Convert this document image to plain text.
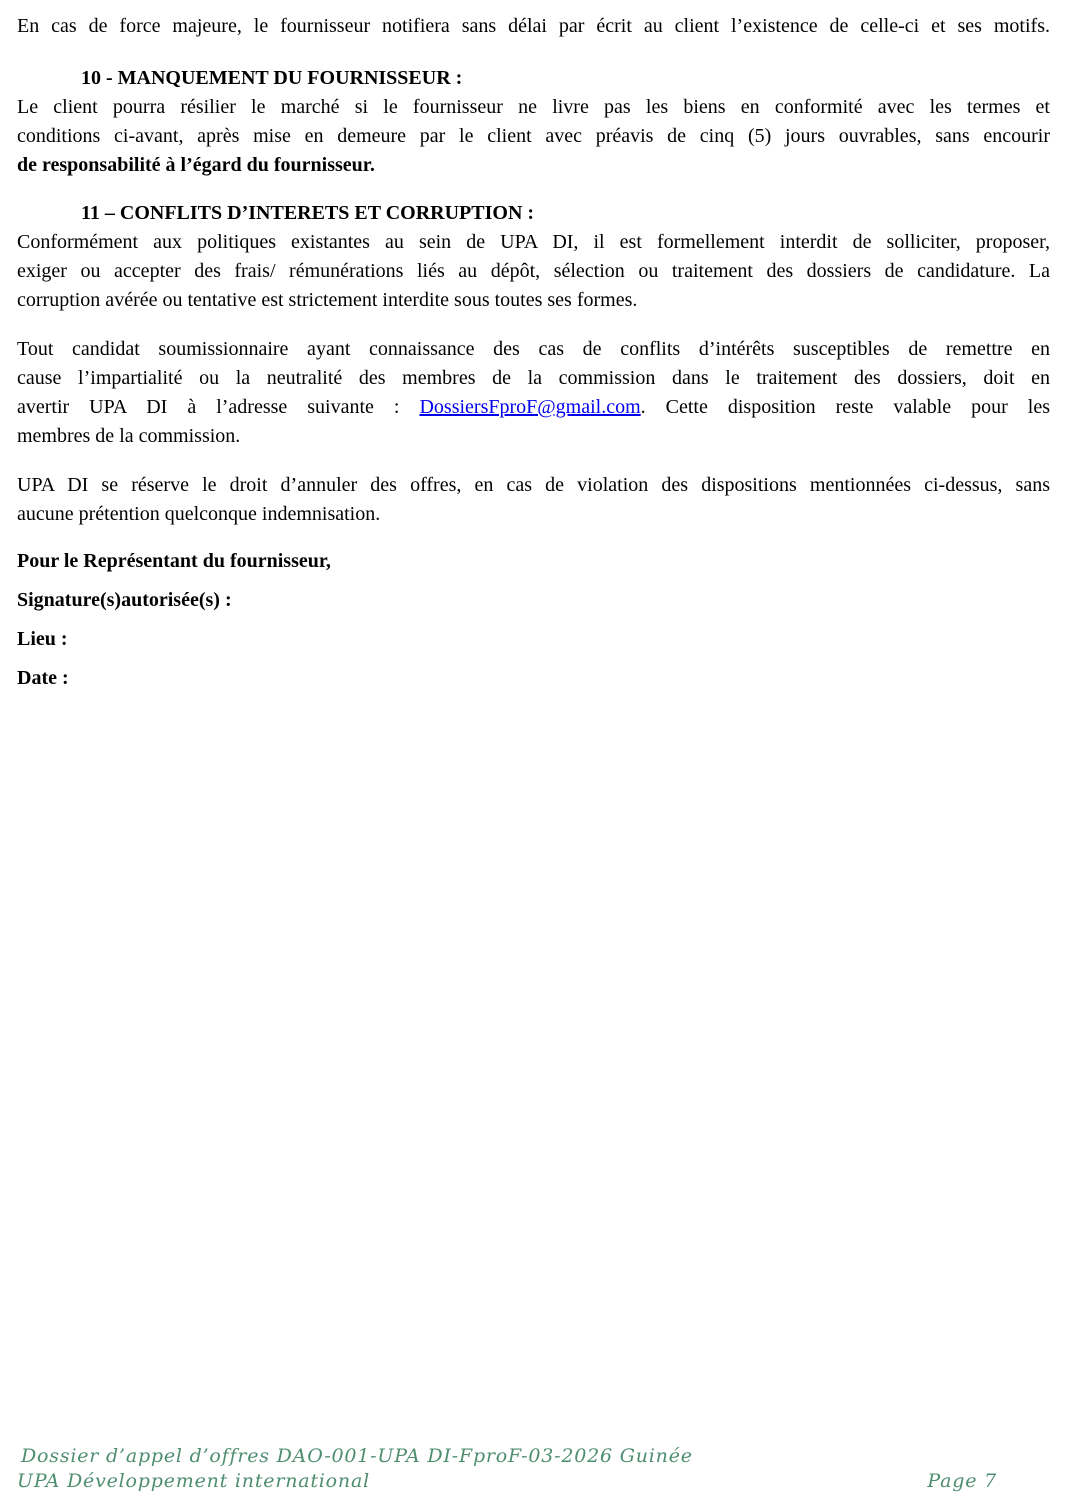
En cas de force majeure, le fournisseur notifiera sans délai par écrit au client l’existence de celle-ci et ses motifs.
10 - MANQUEMENT DU FOURNISSEUR :
Le client pourra résilier le marché si le fournisseur ne livre pas les biens en conformité avec les termes et
conditions ci-avant, après mise en demeure par le client avec préavis de cinq (5) jours ouvrables, sans encourir
de responsabilité à l’égard du fournisseur.
11 – CONFLITS D’INTERETS ET CORRUPTION :
Conformément aux politiques existantes au sein de UPA DI, il est formellement interdit de solliciter, proposer,
exiger ou accepter des frais/ rémunérations liés au dépôt, sélection ou traitement des dossiers de candidature. La
corruption avérée ou tentative est strictement interdite sous toutes ses formes.
Tout candidat soumissionnaire ayant connaissance des cas de conflits d’intérêts susceptibles de remettre en
cause l’impartialité ou la neutralité des membres de la commission dans le traitement des dossiers, doit en
avertir UPA DI à l’adresse suivante : DossiersFproF@gmail.com. Cette disposition reste valable pour les
membres de la commission.
UPA DI se réserve le droit d’annuler des offres, en cas de violation des dispositions mentionnées ci-dessus, sans
aucune prétention quelconque indemnisation.
Pour le Représentant du fournisseur,
Signature(s)autorisée(s) :
Lieu :
Date :
Dossier d’appel d’offres DAO-001-UPA DI-FproF-03-2026 Guinée
UPA Développement international	Page 7
